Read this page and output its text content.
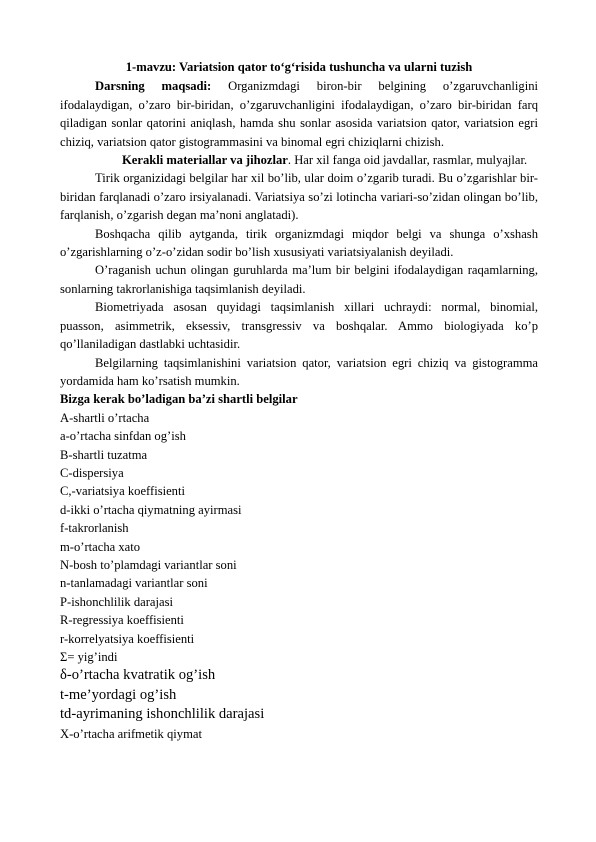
1-mavzu: Variatsion qator to‘g‘risida tushuncha va ularni tuzish

Darsning maqsadi: Organizmdagi biron-bir belgining o’zgaruvchanligini ifodalaydigan, o’zaro bir-biridan, o’zgaruvchanligini ifodalaydigan, o’zaro bir-biridan farq qiladigan sonlar qatorini aniqlash, hamda shu sonlar asosida variatsion qator, variatsion egri chiziq, variatsion qator gistogrammasini va binomal egri chiziqlarni chizish.

Kerakli materiallar va jihozlar. Har xil fanga oid javdallar, rasmlar, mulyajlar.

Tirik organizidagi belgilar har xil bo’lib, ular doim o’zgarib turadi. Bu o’zgarishlar bir-biridan farqlanadi o’zaro irsiyalanadi. Variatsiya so’zi lotincha variari-so’zidan olingan bo’lib, farqlanish, o’zgarish degan ma’noni anglatadi).

Boshqacha qilib aytganda, tirik organizmdagi miqdor belgi va shunga o’xshash o’zgarishlarning o’z-o’zidan sodir bo’lish xususiyati variatsiyalanish deyiladi.

O’raganish uchun olingan guruhlarda ma’lum bir belgini ifodalaydigan raqamlarning, sonlarning takrorlanishiga taqsimlanish deyiladi.

Biometriyada asosan quyidagi taqsimlanish xillari uchraydi: normal, binomial, puasson, asimmetrik, eksessiv, transgressiv va boshqalar. Ammo biologiyada ko’p qo’llaniladigan dastlabki uchtasidir.

Belgilarning taqsimlanishini variatsion qator, variatsion egri chiziq va gistogramma yordamida ham ko’rsatish mumkin.

Bizga kerak bo’ladigan ba’zi shartli belgilar

A-shartli o’rtacha

a-o’rtacha sinfdan og’ish

B-shartli tuzatma

C-dispersiya

C,-variatsiya koeffisienti

d-ikki o’rtacha qiymatning ayirmasi

f-takrorlanish

m-o’rtacha xato

N-bosh to’plamdagi variantlar soni

n-tanlamadagi variantlar soni

P-ishonchlilik darajasi

R-regressiya koeffisienti

r-korrelyatsiya koeffisienti

Σ= yig’indi

δ-o’rtacha kvatratik og’ish

t-me’yordagi og’ish

td-ayrimaning ishonchlilik darajasi

X-o’rtacha arifmetik qiymat
